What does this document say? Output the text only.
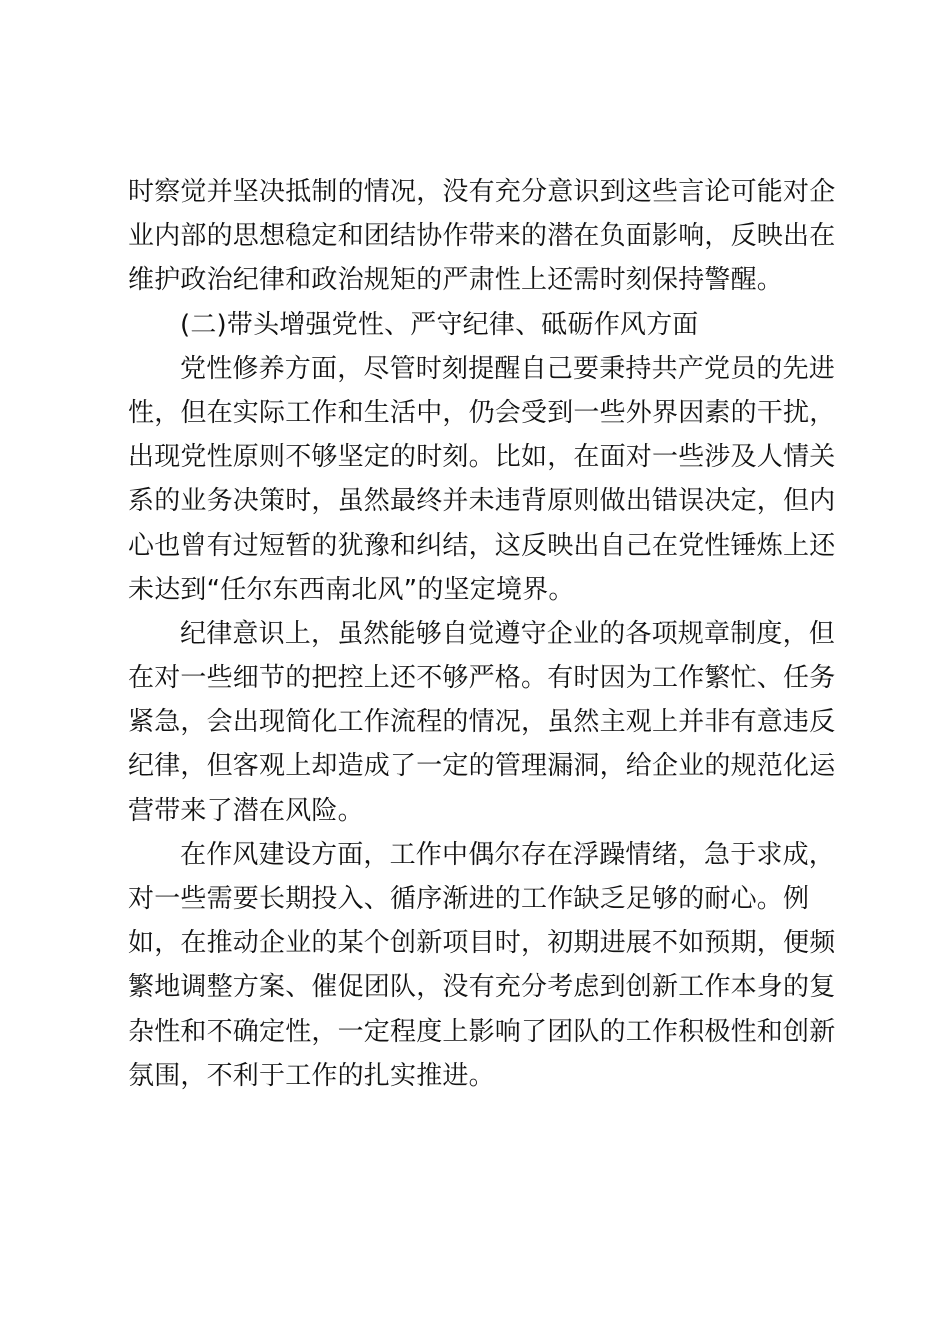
时察觉并坚决抵制的情况，没有充分意识到这些言论可能对企
业内部的思想稳定和团结协作带来的潜在负面影响，反映出在
维护政治纪律和政治规矩的严肃性上还需时刻保持警醒。
(二)带头增强党性、严守纪律、砥砺作风方面
党性修养方面，尽管时刻提醒自己要秉持共产党员的先进
性，但在实际工作和生活中，仍会受到一些外界因素的干扰，
出现党性原则不够坚定的时刻。比如，在面对一些涉及人情关
系的业务决策时，虽然最终并未违背原则做出错误决定，但内
心也曾有过短暂的犹豫和纠结，这反映出自己在党性锤炼上还
未达到“任尔东西南北风”的坚定境界。
纪律意识上，虽然能够自觉遵守企业的各项规章制度，但
在对一些细节的把控上还不够严格。有时因为工作繁忙、任务
紧急，会出现简化工作流程的情况，虽然主观上并非有意违反
纪律，但客观上却造成了一定的管理漏洞，给企业的规范化运
营带来了潜在风险。
在作风建设方面，工作中偶尔存在浮躁情绪，急于求成，
对一些需要长期投入、循序渐进的工作缺乏足够的耐心。例
如，在推动企业的某个创新项目时，初期进展不如预期，便频
繁地调整方案、催促团队，没有充分考虑到创新工作本身的复
杂性和不确定性，一定程度上影响了团队的工作积极性和创新
氛围，不利于工作的扎实推进。
